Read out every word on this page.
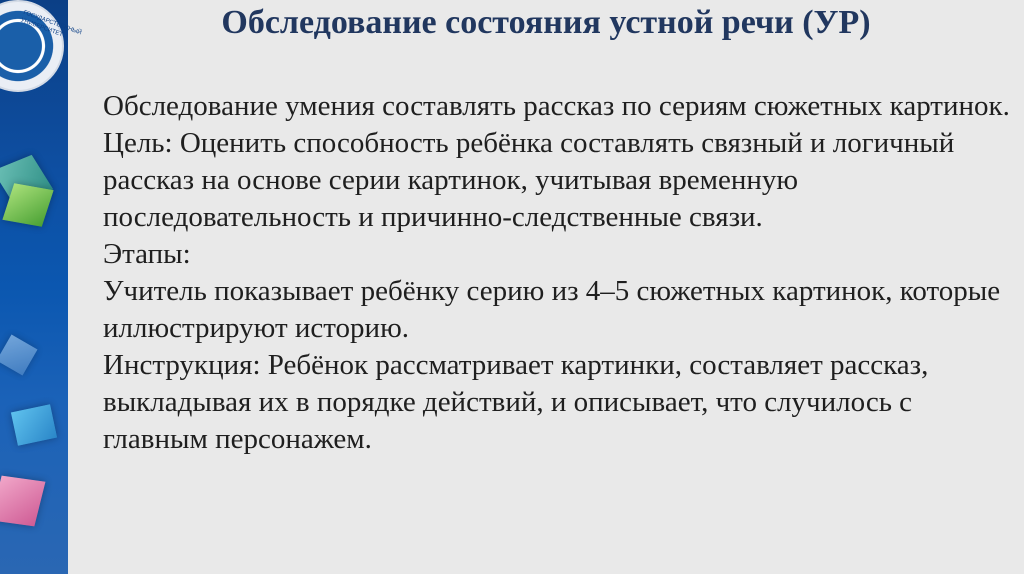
ГОСУДАРСТВЕННЫЙ УНИВЕРСИТЕТ	Обследование состояния устной речи (УР)

Обследование умения составлять рассказ по сериям сюжетных картинок.

Цель: Оценить способность ребёнка составлять связный и логичный рассказ на основе серии картинок, учитывая временную последовательность и причинно-следственные связи.

Этапы:

Учитель показывает ребёнку серию из 4–5 сюжетных картинок, которые иллюстрируют историю.

Инструкция: Ребёнок рассматривает картинки, составляет рассказ, выкладывая их в порядке действий, и описывает, что случилось с главным персонажем.
